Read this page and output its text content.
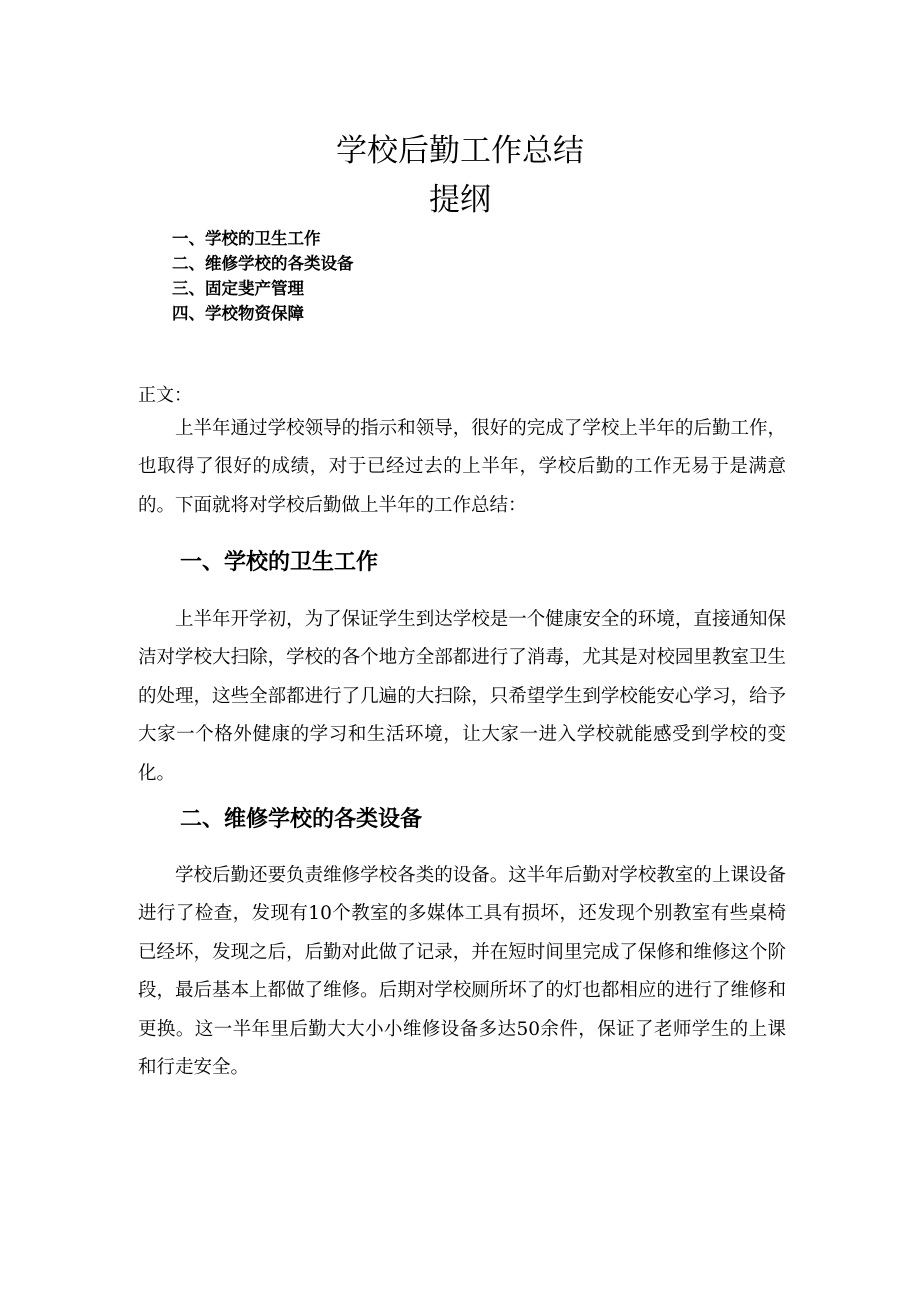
学校后勤工作总结
提纲
一、学校的卫生工作
二、维修学校的各类设备
三、固定斐产管理
四、学校物资保障

正文：

上半年通过学校领导的指示和领导，很好的完成了学校上半年的后勤工作，也取得了很好的成绩，对于已经过去的上半年，学校后勤的工作无易于是满意的。下面就将对学校后勤做上半年的工作总结：

一、学校的卫生工作

上半年开学初，为了保证学生到达学校是一个健康安全的环境，直接通知保洁对学校大扫除，学校的各个地方全部都进行了消毒，尤其是对校园里教室卫生的处理，这些全部都进行了几遍的大扫除，只希望学生到学校能安心学习，给予大家一个格外健康的学习和生活环境，让大家一进入学校就能感受到学校的变化。

二、维修学校的各类设备

学校后勤还要负责维修学校各类的设备。这半年后勤对学校教室的上课设备进行了检查，发现有10个教室的多媒体工具有损坏，还发现个别教室有些桌椅已经坏，发现之后，后勤对此做了记录，并在短时间里完成了保修和维修这个阶段，最后基本上都做了维修。后期对学校厕所坏了的灯也都相应的进行了维修和更换。这一半年里后勤大大小小维修设备多达50余件，保证了老师学生的上课和行走安全。
